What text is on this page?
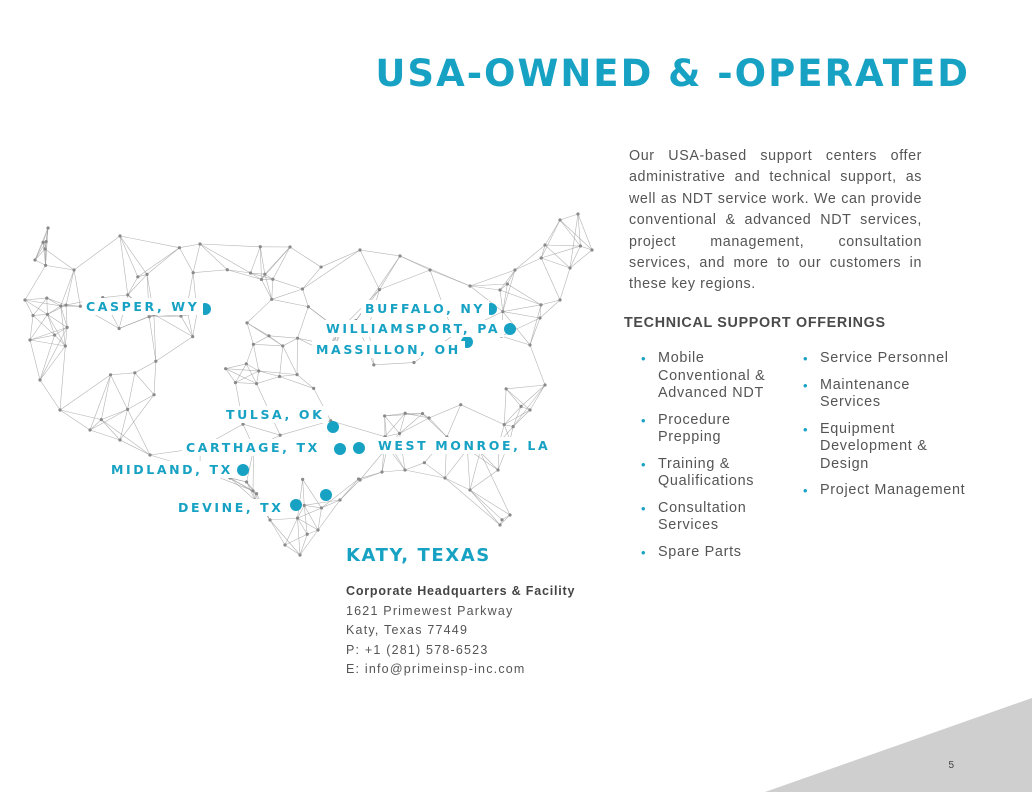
USA-OWNED & -OPERATED
Our USA-based support centers offer administrative and technical support, as well as NDT service work. We can provide conventional & advanced NDT services, project management, consultation services, and more to our customers in these key regions.
TECHNICAL SUPPORT OFFERINGS
• Mobile Conventional & Advanced NDT
• Procedure Prepping
• Training & Qualifications
• Consultation Services
• Spare Parts
• Service Personnel
• Maintenance Services
• Equipment Development & Design
• Project Management
CASPER, WY	BUFFALO, NY
WILLIAMSPORT, PA
MASSILLON, OH
TULSA, OK
CARTHAGE, TX	WEST MONROE, LA
MIDLAND, TX
DEVINE, TX
KATY, TEXAS
Corporate Headquarters & Facility
1621 Primewest Parkway
Katy, Texas 77449
P: +1 (281) 578-6523
E: info@primeinsp-inc.com
5
